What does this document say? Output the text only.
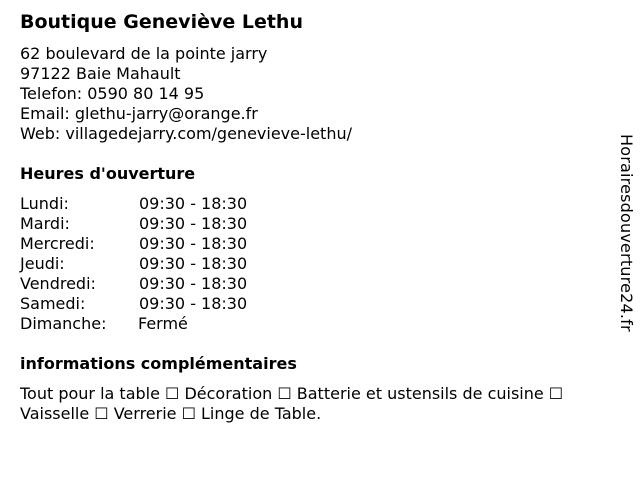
Boutique Geneviève Lethu
62 boulevard de la pointe jarry
97122 Baie Mahault
Telefon: 0590 80 14 95
Email: glethu-jarry@orange.fr
Web: villagedejarry.com/genevieve-lethu/
Heures d'ouverture
Lundi:	09:30 - 18:30
Mardi:	09:30 - 18:30
Mercredi:	09:30 - 18:30
Jeudi:	09:30 - 18:30
Vendredi:	09:30 - 18:30
Samedi:	09:30 - 18:30
Dimanche: Fermé
informations complémentaires
Tout pour la table ☐ Décoration ☐ Batterie et ustensils de cuisine ☐ Vaisselle ☐ Verrerie ☐ Linge de Table.
Horairesdouverture24.fr
